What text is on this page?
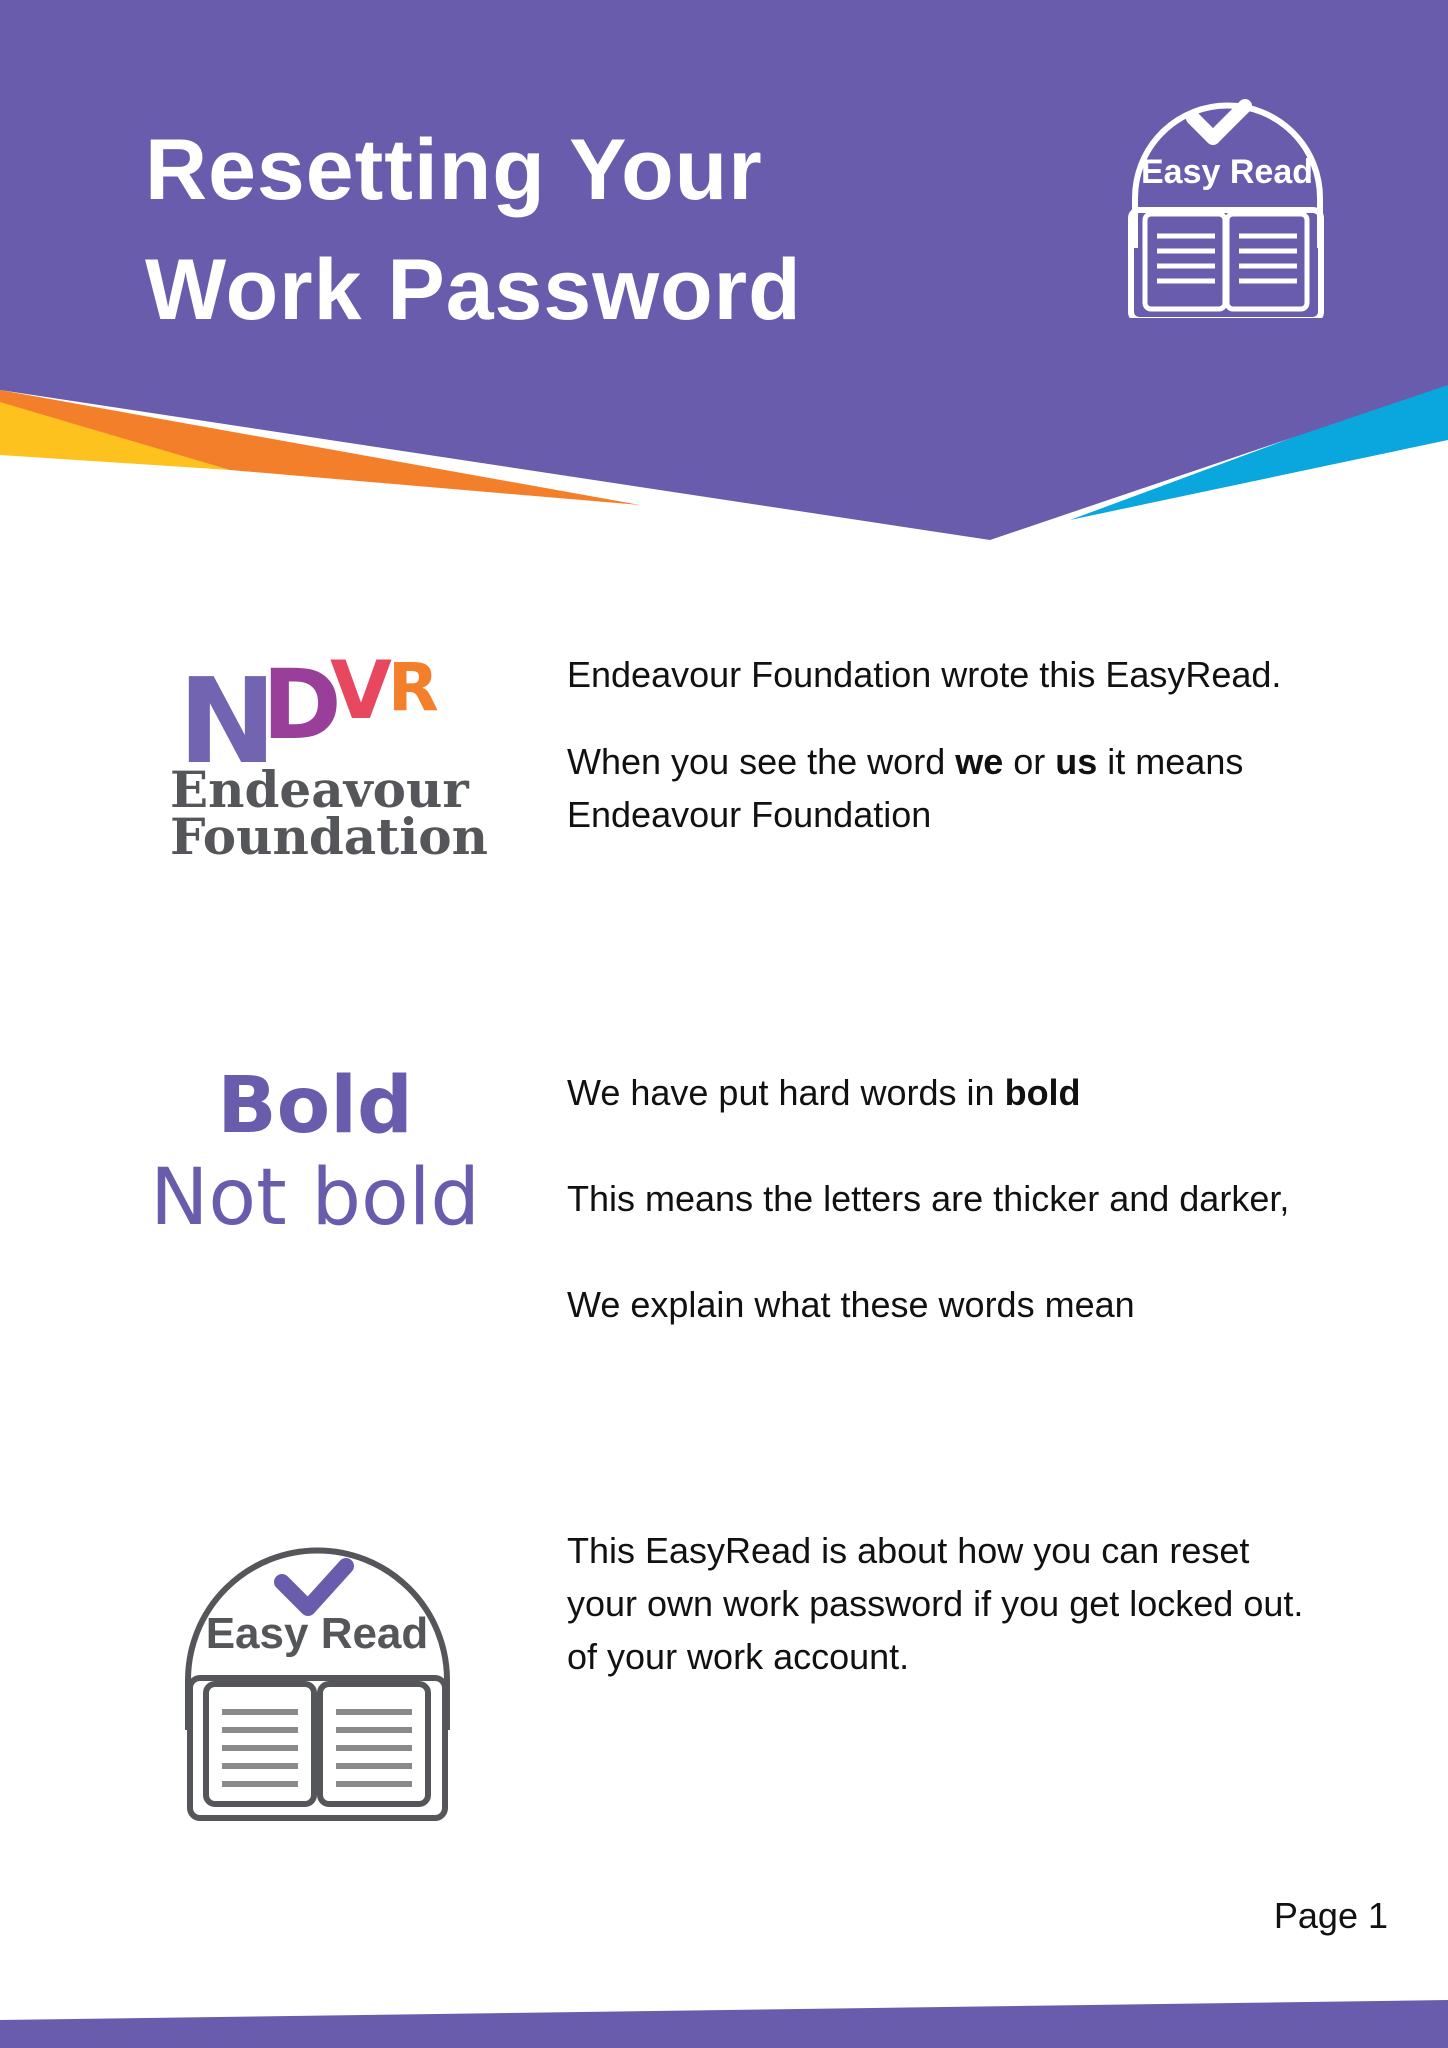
Resetting Your
Work Password
Easy Read
N
D
V
R
Endeavour
Foundation

Endeavour Foundation wrote this EasyRead.

When you see the word we or us it means
Endeavour Foundation

Bold
Not bold

We have put hard words in bold

This means the letters are thicker and darker,

We explain what these words mean

Easy Read

This EasyRead is about how you can reset

your own work password if you get locked out.

of your work account.

Page 1
